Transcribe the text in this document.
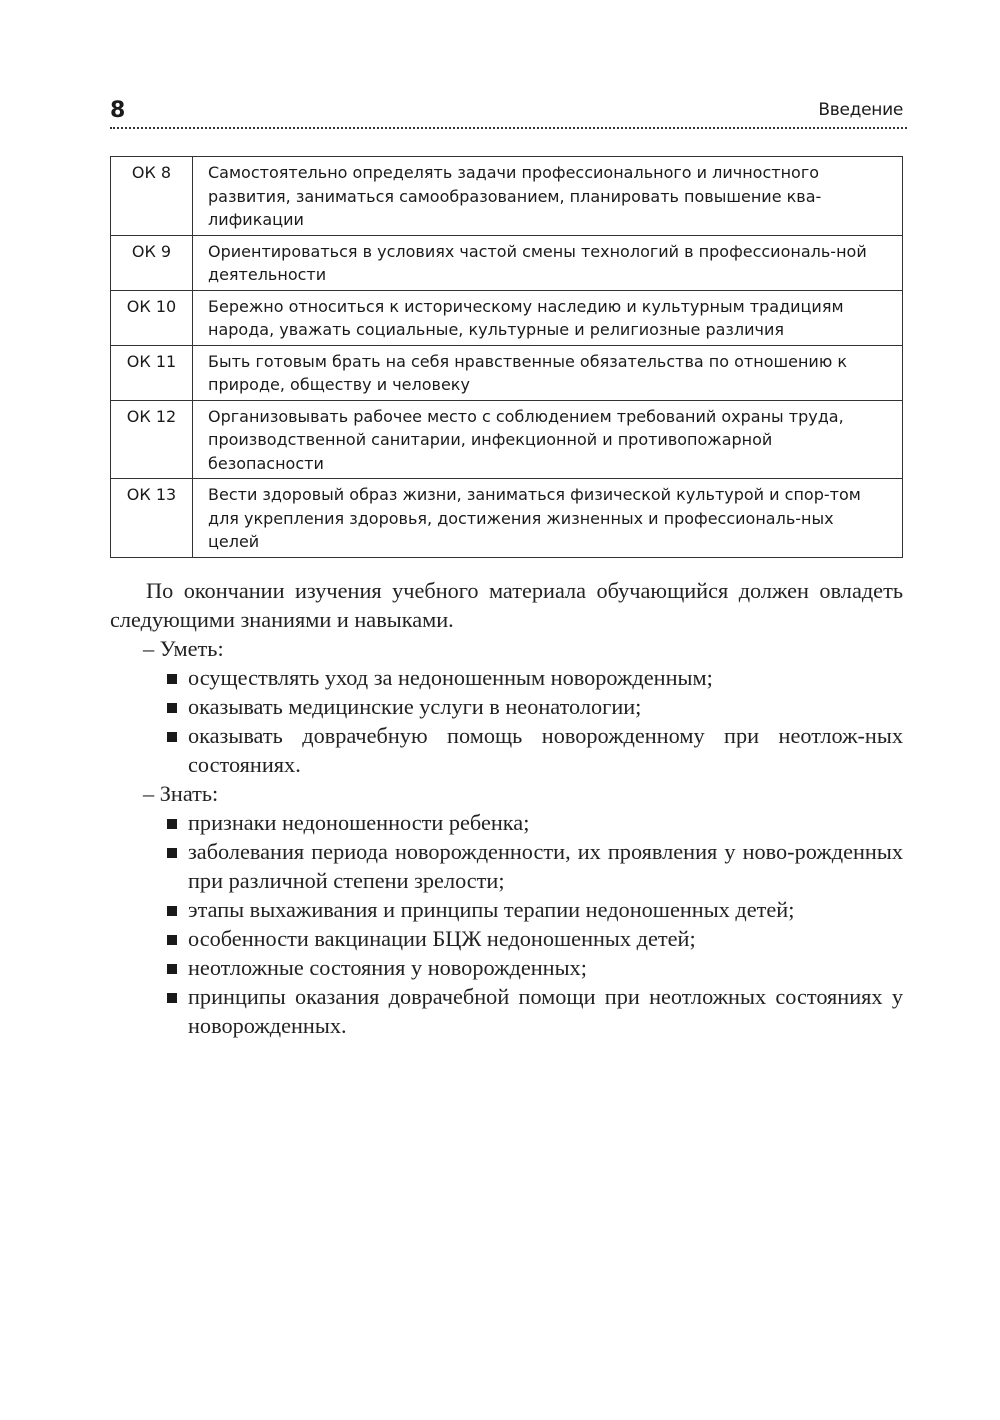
8	Введение
ОК 8	Самостоятельно определять задачи профессионального и личностного развития, заниматься самообразованием, планировать повышение ква-лификации
ОК 9	Ориентироваться в условиях частой смены технологий в профессиональ-ной деятельности
ОК 10	Бережно относиться к историческому наследию и культурным традициям народа, уважать социальные, культурные и религиозные различия
ОК 11	Быть готовым брать на себя нравственные обязательства по отношению к природе, обществу и человеку
ОК 12	Организовывать рабочее место с соблюдением требований охраны труда, производственной санитарии, инфекционной и противопожарной безопасности
ОК 13	Вести здоровый образ жизни, заниматься физической культурой и спор-том для укрепления здоровья, достижения жизненных и профессиональ-ных целей

По окончании изучения учебного материала обучающийся должен овладеть следующими знаниями и навыками.

– Уметь:
осуществлять уход за недоношенным новорожденным;
оказывать медицинские услуги в неонатологии;
оказывать доврачебную помощь новорожденному при неотлож-ных состояниях.
– Знать:
признаки недоношенности ребенка;
заболевания периода новорожденности, их проявления у ново-рожденных при различной степени зрелости;
этапы выхаживания и принципы терапии недоношенных детей;
особенности вакцинации БЦЖ недоношенных детей;
неотложные состояния у новорожденных;
принципы оказания доврачебной помощи при неотложных состояниях у новорожденных.
